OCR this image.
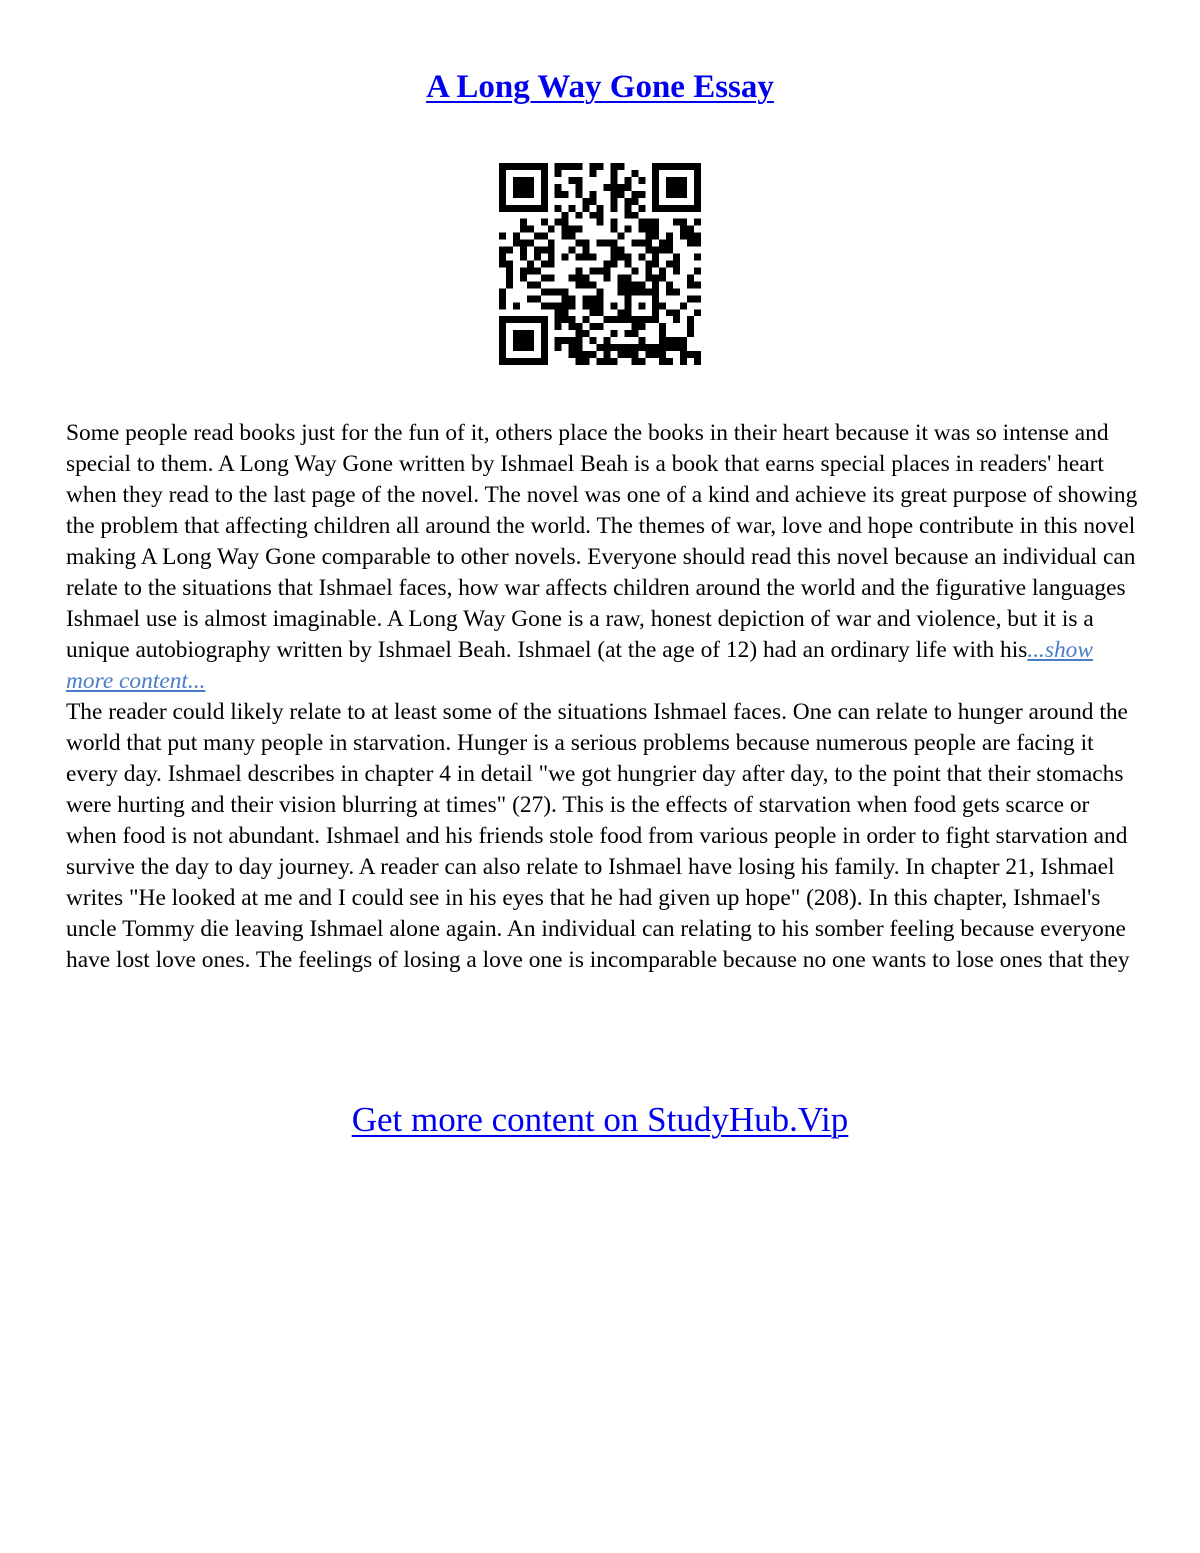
A Long Way Gone Essay

Some people read books just for the fun of it, others place the books in their heart because it was so intense and special to them. A Long Way Gone written by Ishmael Beah is a book that earns special places in readers' heart when they read to the last page of the novel. The novel was one of a kind and achieve its great purpose of showing the problem that affecting children all around the world. The themes of war, love and hope contribute in this novel making A Long Way Gone comparable to other novels. Everyone should read this novel because an individual can relate to the situations that Ishmael faces, how war affects children around the world and the figurative languages Ishmael use is almost imaginable. A Long Way Gone is a raw, honest depiction of war and violence, but it is a unique autobiography written by Ishmael Beah. Ishmael (at the age of 12) had an ordinary life with his...show more content...

The reader could likely relate to at least some of the situations Ishmael faces. One can relate to hunger around the world that put many people in starvation. Hunger is a serious problems because numerous people are facing it every day. Ishmael describes in chapter 4 in detail "we got hungrier day after day, to the point that their stomachs were hurting and their vision blurring at times" (27). This is the effects of starvation when food gets scarce or when food is not abundant. Ishmael and his friends stole food from various people in order to fight starvation and survive the day to day journey. A reader can also relate to Ishmael have losing his family. In chapter 21, Ishmael writes "He looked at me and I could see in his eyes that he had given up hope" (208). In this chapter, Ishmael's uncle Tommy die leaving Ishmael alone again. An individual can relating to his somber feeling because everyone have lost love ones. The feelings of losing a love one is incomparable because no one wants to lose ones that they

Get more content on StudyHub.Vip
